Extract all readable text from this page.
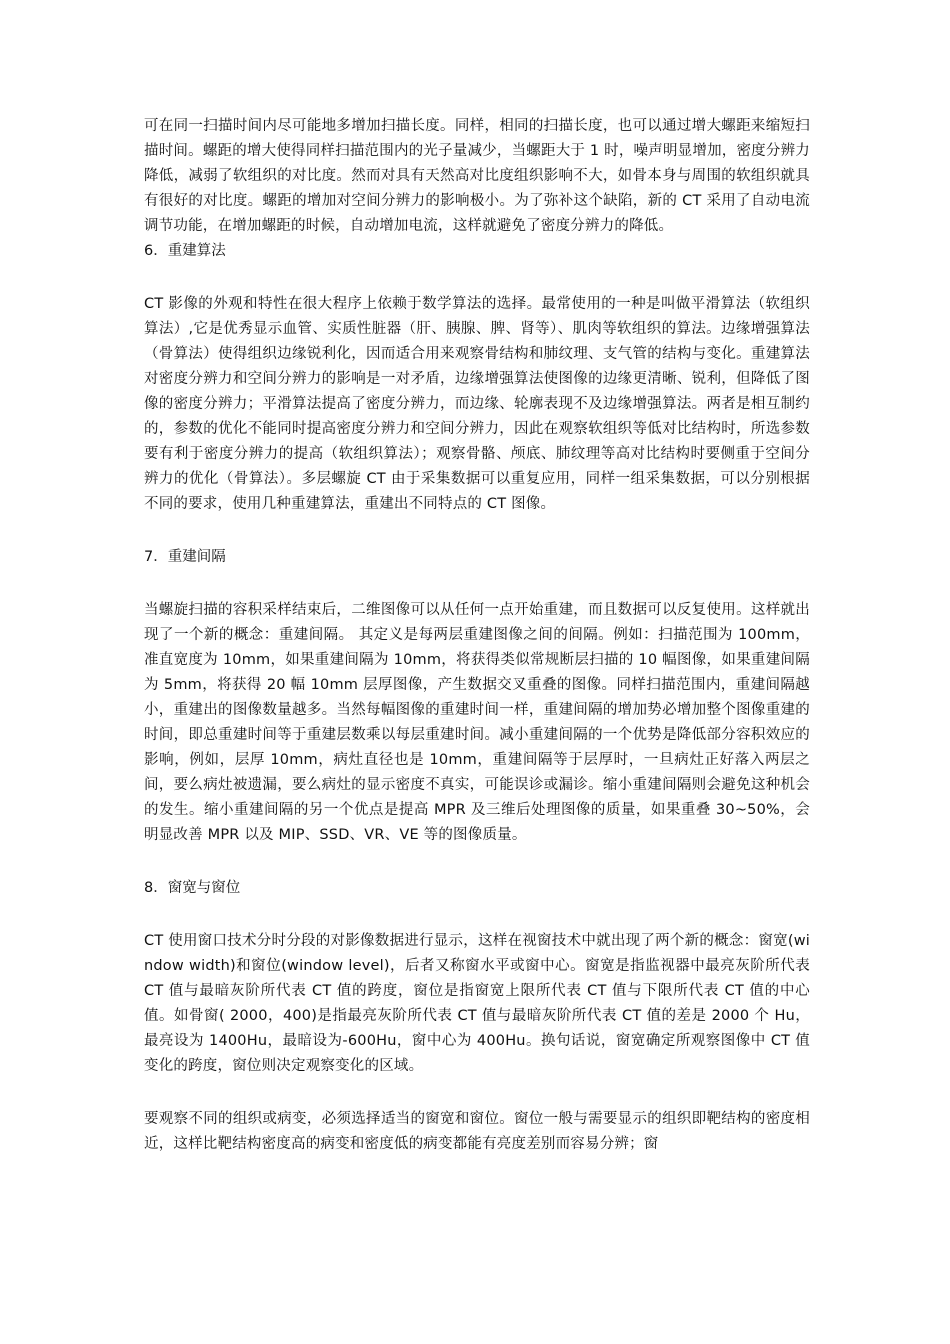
可在同一扫描时间内尽可能地多增加扫描长度。同样，相同的扫描长度，也可以通过增大螺距来缩短扫描时间。螺距的增大使得同样扫描范围内的光子量减少，当螺距大于 1 时，噪声明显增加，密度分辨力降低，减弱了软组织的对比度。然而对具有天然高对比度组织影响不大，如骨本身与周围的软组织就具有很好的对比度。螺距的增加对空间分辨力的影响极小。为了弥补这个缺陷，新的 CT 采用了自动电流调节功能，在增加螺距的时候，自动增加电流，这样就避免了密度分辨力的降低。

6．重建算法

CT 影像的外观和特性在很大程序上依赖于数学算法的选择。最常使用的一种是叫做平滑算法（软组织算法）,它是优秀显示血管、实质性脏器（肝、胰腺、脾、肾等）、肌肉等软组织的算法。边缘增强算法（骨算法）使得组织边缘锐利化，因而适合用来观察骨结构和肺纹理、支气管的结构与变化。重建算法对密度分辨力和空间分辨力的影响是一对矛盾，边缘增强算法使图像的边缘更清晰、锐利，但降低了图像的密度分辨力；平滑算法提高了密度分辨力，而边缘、轮廓表现不及边缘增强算法。两者是相互制约的，参数的优化不能同时提高密度分辨力和空间分辨力，因此在观察软组织等低对比结构时，所选参数要有利于密度分辨力的提高（软组织算法）；观察骨骼、颅底、肺纹理等高对比结构时要侧重于空间分辨力的优化（骨算法）。多层螺旋 CT 由于采集数据可以重复应用，同样一组采集数据，可以分别根据不同的要求，使用几种重建算法，重建出不同特点的 CT 图像。

7．重建间隔

当螺旋扫描的容积采样结束后，二维图像可以从任何一点开始重建，而且数据可以反复使用。这样就出现了一个新的概念：重建间隔。 其定义是每两层重建图像之间的间隔。例如：扫描范围为 100mm，准直宽度为 10mm，如果重建间隔为 10mm，将获得类似常规断层扫描的 10 幅图像，如果重建间隔为 5mm，将获得 20 幅 10mm 层厚图像，产生数据交叉重叠的图像。同样扫描范围内，重建间隔越小，重建出的图像数量越多。当然每幅图像的重建时间一样，重建间隔的增加势必增加整个图像重建的时间，即总重建时间等于重建层数乘以每层重建时间。减小重建间隔的一个优势是降低部分容积效应的影响，例如，层厚 10mm，病灶直径也是 10mm，重建间隔等于层厚时，一旦病灶正好落入两层之间，要么病灶被遗漏，要么病灶的显示密度不真实，可能误诊或漏诊。缩小重建间隔则会避免这种机会的发生。缩小重建间隔的另一个优点是提高 MPR 及三维后处理图像的质量，如果重叠 30~50%，会明显改善 MPR 以及 MIP、SSD、VR、VE 等的图像质量。

8．窗宽与窗位

CT 使用窗口技术分时分段的对影像数据进行显示，这样在视窗技术中就出现了两个新的概念：窗宽(window width)和窗位(window level)，后者又称窗水平或窗中心。窗宽是指监视器中最亮灰阶所代表 CT 值与最暗灰阶所代表 CT 值的跨度，窗位是指窗宽上限所代表 CT 值与下限所代表 CT 值的中心值。如骨窗( 2000，400)是指最亮灰阶所代表 CT 值与最暗灰阶所代表 CT 值的差是 2000 个 Hu，最亮设为 1400Hu，最暗设为-600Hu，窗中心为 400Hu。换句话说，窗宽确定所观察图像中 CT 值变化的跨度，窗位则决定观察变化的区域。

要观察不同的组织或病变，必须选择适当的窗宽和窗位。窗位一般与需要显示的组织即靶结构的密度相近，这样比靶结构密度高的病变和密度低的病变都能有亮度差别而容易分辨；窗
